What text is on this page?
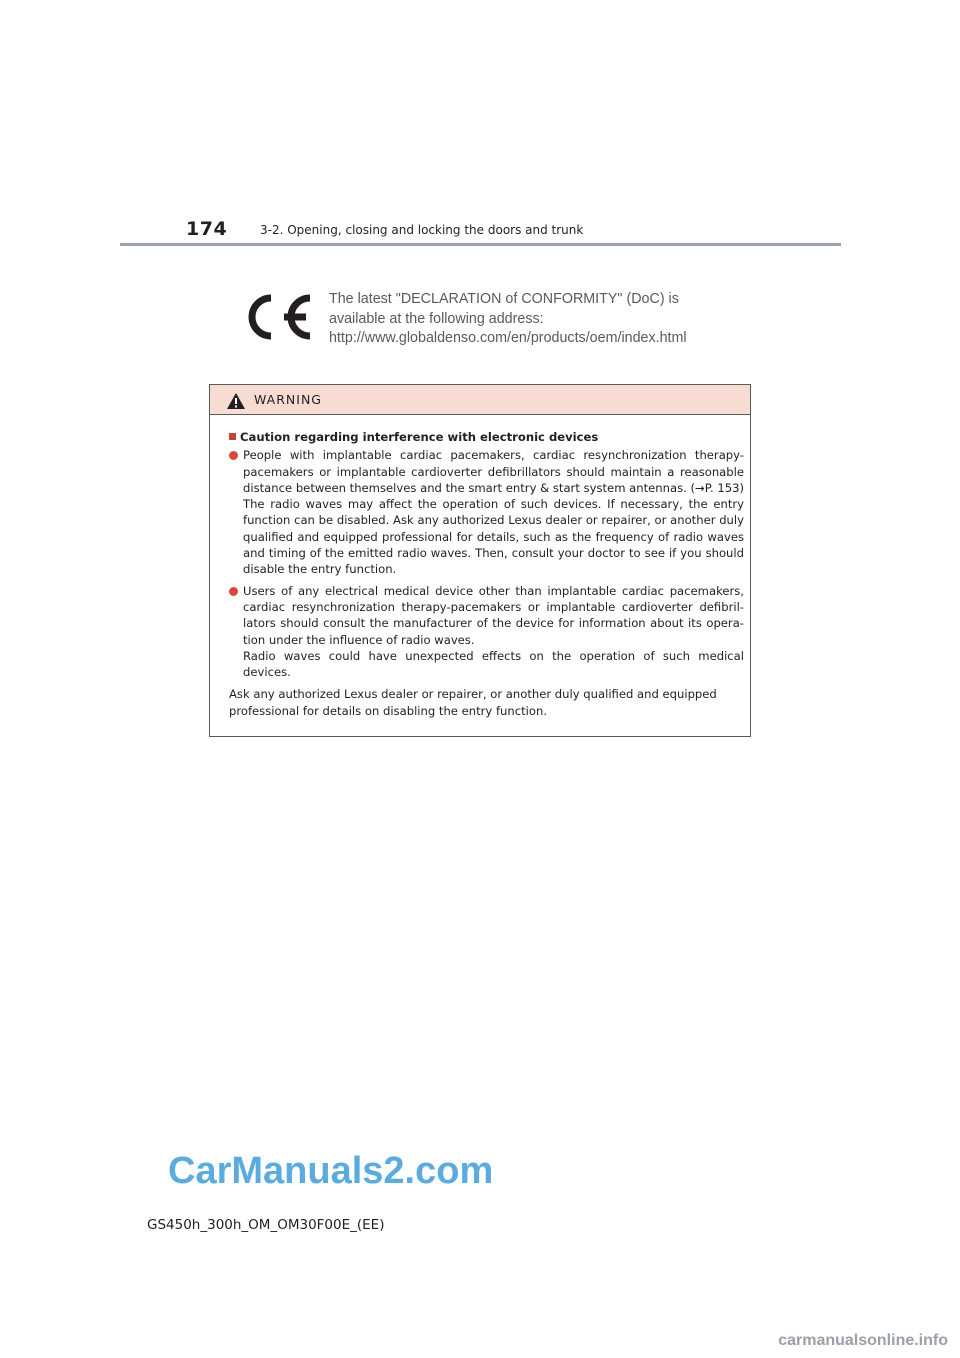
174	3-2. Opening, closing and locking the doors and trunk
The latest "DECLARATION of CONFORMITY" (DoC) is
available at the following address:
http://www.globaldenso.com/en/products/oem/index.html
WARNING
Caution regarding interference with electronic devices

People with implantable cardiac pacemakers, cardiac resynchronization therapy-pacemakers or implantable cardioverter defibrillators should maintain a reasonable distance between themselves and the smart entry & start system antennas. (→P. 153) The radio waves may affect the operation of such devices. If necessary, the entry function can be disabled. Ask any authorized Lexus dealer or repairer, or another duly qualified and equipped professional for details, such as the frequency of radio waves and timing of the emitted radio waves. Then, consult your doctor to see if you should disable the entry function.

Users of any electrical medical device other than implantable cardiac pacemakers, cardiac resynchronization therapy-pacemakers or implantable cardioverter defibril-lators should consult the manufacturer of the device for information about its opera-tion under the influence of radio waves.

Radio waves could have unexpected effects on the operation of such medical devices.

Ask any authorized Lexus dealer or repairer, or another duly qualified and equipped professional for details on disabling the entry function.
CarManuals2.com
GS450h_300h_OM_OM30F00E_(EE)
carmanualsonline.info
